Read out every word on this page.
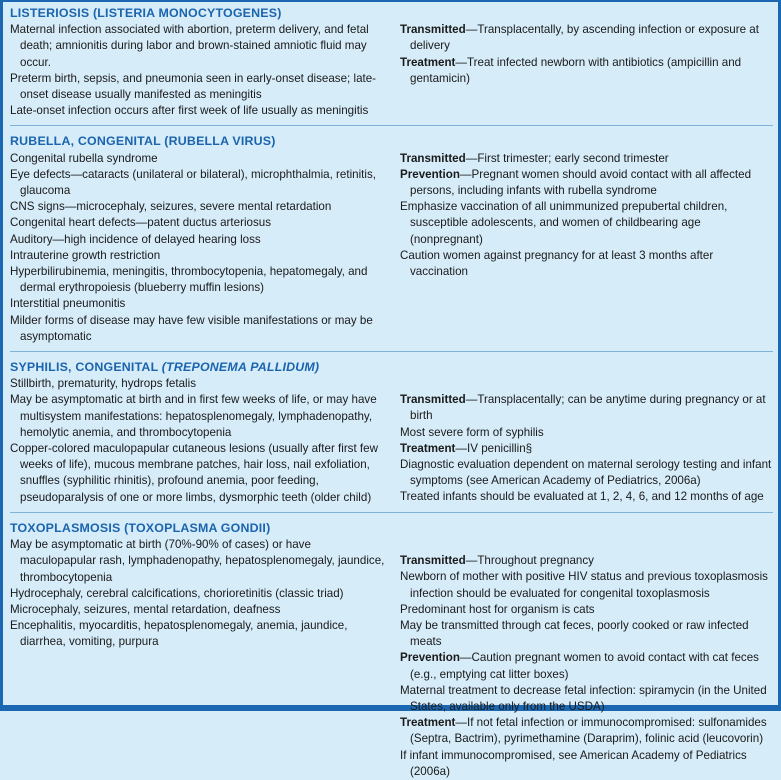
LISTERIOSIS (LISTERIA MONOCYTOGENES)
Maternal infection associated with abortion, preterm delivery, and fetal death; amnionitis during labor and brown-stained amniotic fluid may occur.
Preterm birth, sepsis, and pneumonia seen in early-onset disease; late-onset disease usually manifested as meningitis
Late-onset infection occurs after first week of life usually as meningitis
Transmitted—Transplacentally, by ascending infection or exposure at delivery
Treatment—Treat infected newborn with antibiotics (ampicillin and gentamicin)
RUBELLA, CONGENITAL (RUBELLA VIRUS)
Congenital rubella syndrome
Eye defects—cataracts (unilateral or bilateral), microphthalmia, retinitis, glaucoma
CNS signs—microcephaly, seizures, severe mental retardation
Congenital heart defects—patent ductus arteriosus
Auditory—high incidence of delayed hearing loss
Intrauterine growth restriction
Hyperbilirubinemia, meningitis, thrombocytopenia, hepatomegaly, and dermal erythropoiesis (blueberry muffin lesions)
Interstitial pneumonitis
Milder forms of disease may have few visible manifestations or may be asymptomatic
Transmitted—First trimester; early second trimester
Prevention—Pregnant women should avoid contact with all affected persons, including infants with rubella syndrome
Emphasize vaccination of all unimmunized prepubertal children, susceptible adolescents, and women of childbearing age (nonpregnant)
Caution women against pregnancy for at least 3 months after vaccination
SYPHILIS, CONGENITAL (TREPONEMA PALLIDUM)
Stillbirth, prematurity, hydrops fetalis
May be asymptomatic at birth and in first few weeks of life, or may have multisystem manifestations: hepatosplenomegaly, lymphadenopathy, hemolytic anemia, and thrombocytopenia
Copper-colored maculopapular cutaneous lesions (usually after first few weeks of life), mucous membrane patches, hair loss, nail exfoliation, snuffles (syphilitic rhinitis), profound anemia, poor feeding, pseudoparalysis of one or more limbs, dysmorphic teeth (older child)
Transmitted—Transplacentally; can be anytime during pregnancy or at birth
Most severe form of syphilis
Treatment—IV penicillin§
Diagnostic evaluation dependent on maternal serology testing and infant symptoms (see American Academy of Pediatrics, 2006a)
Treated infants should be evaluated at 1, 2, 4, 6, and 12 months of age
TOXOPLASMOSIS (TOXOPLASMA GONDII)
May be asymptomatic at birth (70%-90% of cases) or have maculopapular rash, lymphadenopathy, hepatosplenomegaly, jaundice, thrombocytopenia
Hydrocephaly, cerebral calcifications, chorioretinitis (classic triad)
Microcephaly, seizures, mental retardation, deafness
Encephalitis, myocarditis, hepatosplenomegaly, anemia, jaundice, diarrhea, vomiting, purpura
Transmitted—Throughout pregnancy
Newborn of mother with positive HIV status and previous toxoplasmosis infection should be evaluated for congenital toxoplasmosis
Predominant host for organism is cats
May be transmitted through cat feces, poorly cooked or raw infected meats
Prevention—Caution pregnant women to avoid contact with cat feces (e.g., emptying cat litter boxes)
Maternal treatment to decrease fetal infection: spiramycin (in the United States, available only from the USDA)
Treatment—If not fetal infection or immunocompromised: sulfonamides (Septra, Bactrim), pyrimethamine (Daraprim), folinic acid (leucovorin)
If infant immunocompromised, see American Academy of Pediatrics (2006a)
